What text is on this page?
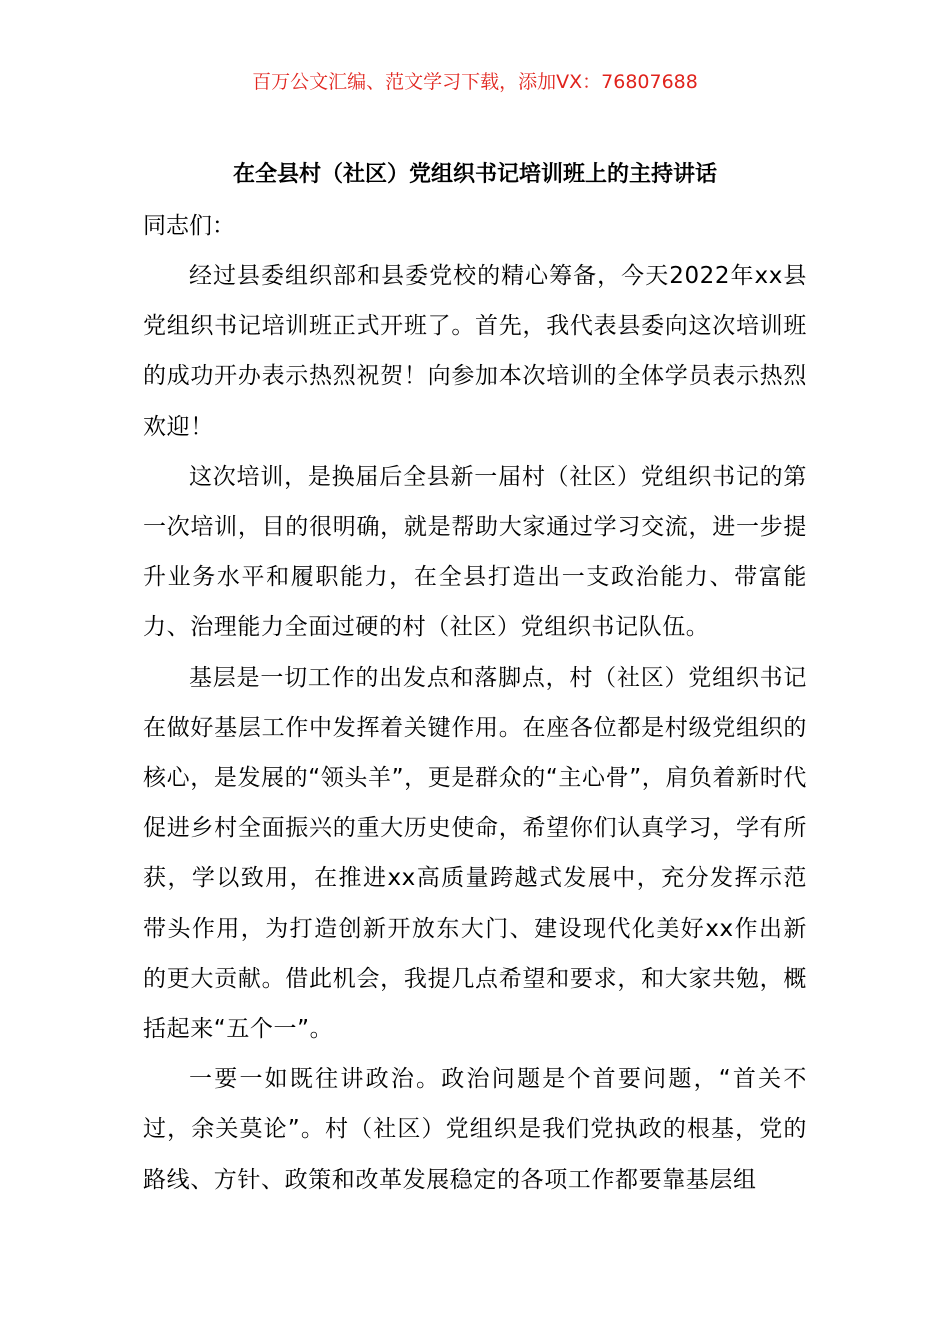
百万公文汇编、范文学习下载，添加VX：76807688
在全县村（社区）党组织书记培训班上的主持讲话

同志们：

经过县委组织部和县委党校的精心筹备，今天2022年xx县党组织书记培训班正式开班了。首先，我代表县委向这次培训班的成功开办表示热烈祝贺！向参加本次培训的全体学员表示热烈欢迎！

这次培训，是换届后全县新一届村（社区）党组织书记的第一次培训，目的很明确，就是帮助大家通过学习交流，进一步提升业务水平和履职能力，在全县打造出一支政治能力、带富能力、治理能力全面过硬的村（社区）党组织书记队伍。

基层是一切工作的出发点和落脚点，村（社区）党组织书记在做好基层工作中发挥着关键作用。在座各位都是村级党组织的核心，是发展的“领头羊”，更是群众的“主心骨”，肩负着新时代促进乡村全面振兴的重大历史使命，希望你们认真学习，学有所获，学以致用，在推进xx高质量跨越式发展中，充分发挥示范带头作用，为打造创新开放东大门、建设现代化美好xx作出新的更大贡献。借此机会，我提几点希望和要求，和大家共勉，概括起来“五个一”。

一要一如既往讲政治。政治问题是个首要问题，“首关不过，余关莫论”。村（社区）党组织是我们党执政的根基，党的路线、方针、政策和改革发展稳定的各项工作都要靠基层组
